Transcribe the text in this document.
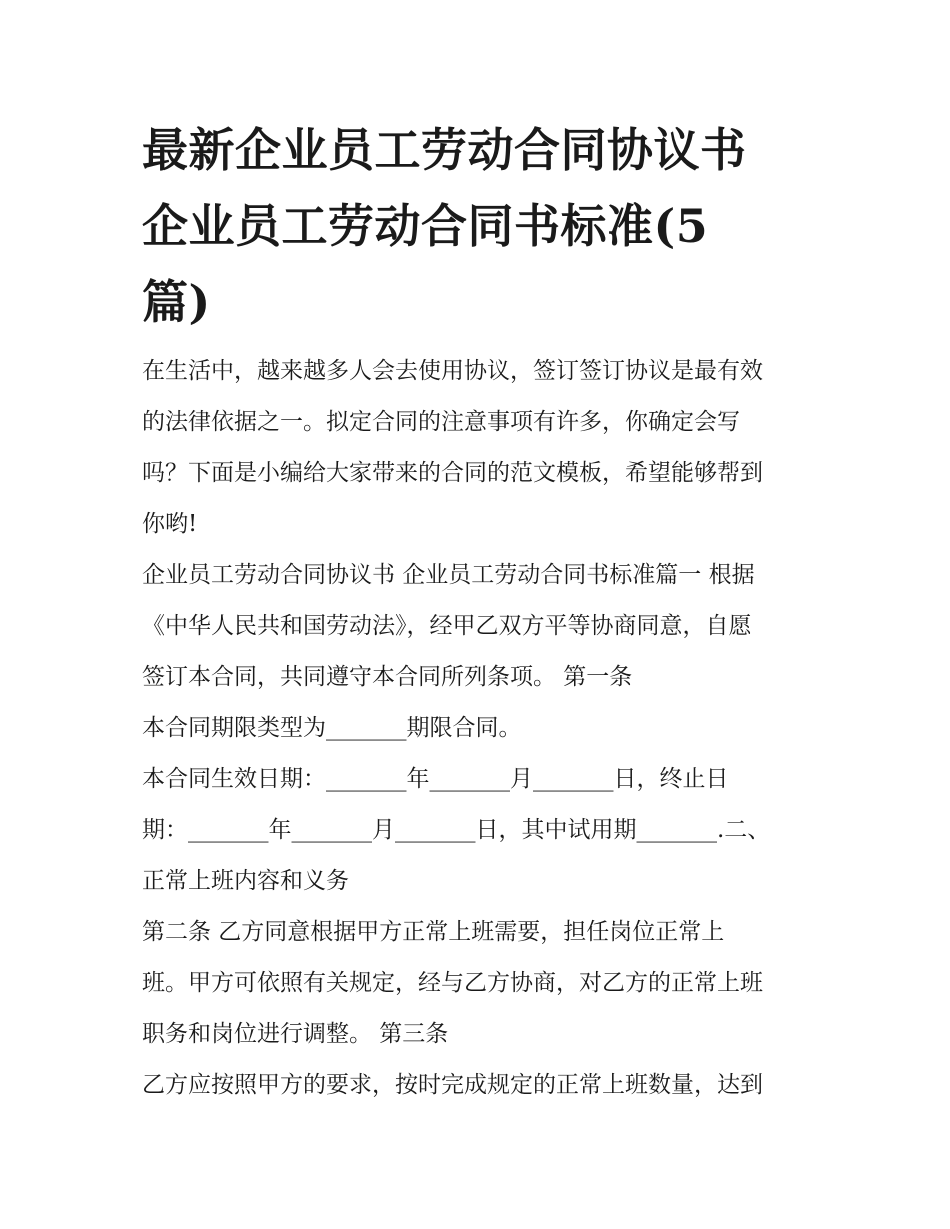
最新企业员工劳动合同协议书
企业员工劳动合同书标准(5
篇)
在生活中，越来越多人会去使用协议，签订签订协议是最有效
的法律依据之一。拟定合同的注意事项有许多，你确定会写
吗？下面是小编给大家带来的合同的范文模板，希望能够帮到
你哟!
企业员工劳动合同协议书 企业员工劳动合同书标准篇一 根据
《中华人民共和国劳动法》，经甲乙双方平等协商同意，自愿
签订本合同，共同遵守本合同所列条项。 第一条
本合同期限类型为_______期限合同。
本合同生效日期：_______年_______月_______日，终止日
期：_______年_______月_______日，其中试用期_______.二、
正常上班内容和义务
第二条 乙方同意根据甲方正常上班需要，担任岗位正常上
班。甲方可依照有关规定，经与乙方协商，对乙方的正常上班
职务和岗位进行调整。 第三条
乙方应按照甲方的要求，按时完成规定的正常上班数量，达到
